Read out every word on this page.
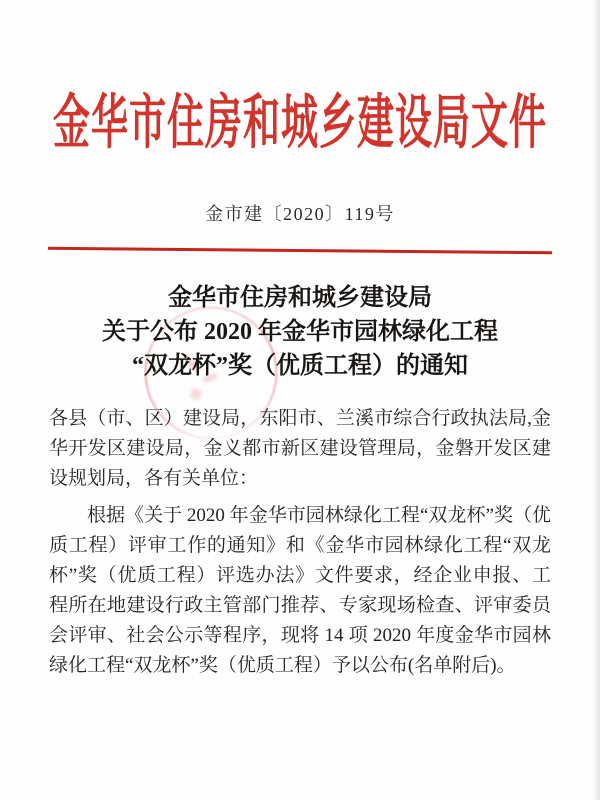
金华市住房和城乡建设局文件
金市建〔2020〕119号
金华市住房和城乡建设局
关于公布 2020 年金华市园林绿化工程
“双龙杯”奖（优质工程）的通知

各县（市、区）建设局，东阳市、兰溪市综合行政执法局,金华开发区建设局，金义都市新区建设管理局，金磐开发区建设规划局，各有关单位：

根据《关于 2020 年金华市园林绿化工程“双龙杯”奖（优质工程）评审工作的通知》和《金华市园林绿化工程“双龙杯”奖（优质工程）评选办法》文件要求，经企业申报、工程所在地建设行政主管部门推荐、专家现场检查、评审委员会评审、社会公示等程序，现将 14 项 2020 年度金华市园林绿化工程“双龙杯”奖（优质工程）予以公布(名单附后)。
